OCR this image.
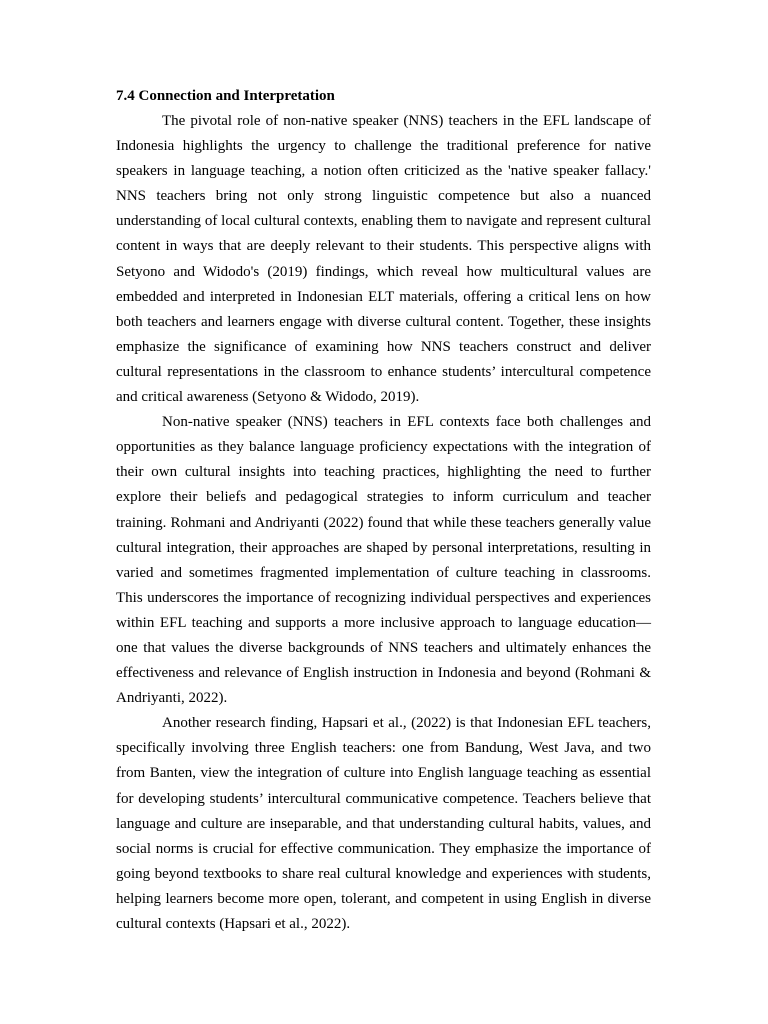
7.4 Connection and Interpretation

The pivotal role of non-native speaker (NNS) teachers in the EFL landscape of Indonesia highlights the urgency to challenge the traditional preference for native speakers in language teaching, a notion often criticized as the 'native speaker fallacy.' NNS teachers bring not only strong linguistic competence but also a nuanced understanding of local cultural contexts, enabling them to navigate and represent cultural content in ways that are deeply relevant to their students. This perspective aligns with Setyono and Widodo's (2019) findings, which reveal how multicultural values are embedded and interpreted in Indonesian ELT materials, offering a critical lens on how both teachers and learners engage with diverse cultural content. Together, these insights emphasize the significance of examining how NNS teachers construct and deliver cultural representations in the classroom to enhance students’ intercultural competence and critical awareness (Setyono & Widodo, 2019).

Non-native speaker (NNS) teachers in EFL contexts face both challenges and opportunities as they balance language proficiency expectations with the integration of their own cultural insights into teaching practices, highlighting the need to further explore their beliefs and pedagogical strategies to inform curriculum and teacher training. Rohmani and Andriyanti (2022) found that while these teachers generally value cultural integration, their approaches are shaped by personal interpretations, resulting in varied and sometimes fragmented implementation of culture teaching in classrooms. This underscores the importance of recognizing individual perspectives and experiences within EFL teaching and supports a more inclusive approach to language education—one that values the diverse backgrounds of NNS teachers and ultimately enhances the effectiveness and relevance of English instruction in Indonesia and beyond (Rohmani & Andriyanti, 2022).

Another research finding, Hapsari et al., (2022) is that Indonesian EFL teachers, specifically involving three English teachers: one from Bandung, West Java, and two from Banten, view the integration of culture into English language teaching as essential for developing students’ intercultural communicative competence. Teachers believe that language and culture are inseparable, and that understanding cultural habits, values, and social norms is crucial for effective communication. They emphasize the importance of going beyond textbooks to share real cultural knowledge and experiences with students, helping learners become more open, tolerant, and competent in using English in diverse cultural contexts (Hapsari et al., 2022).
